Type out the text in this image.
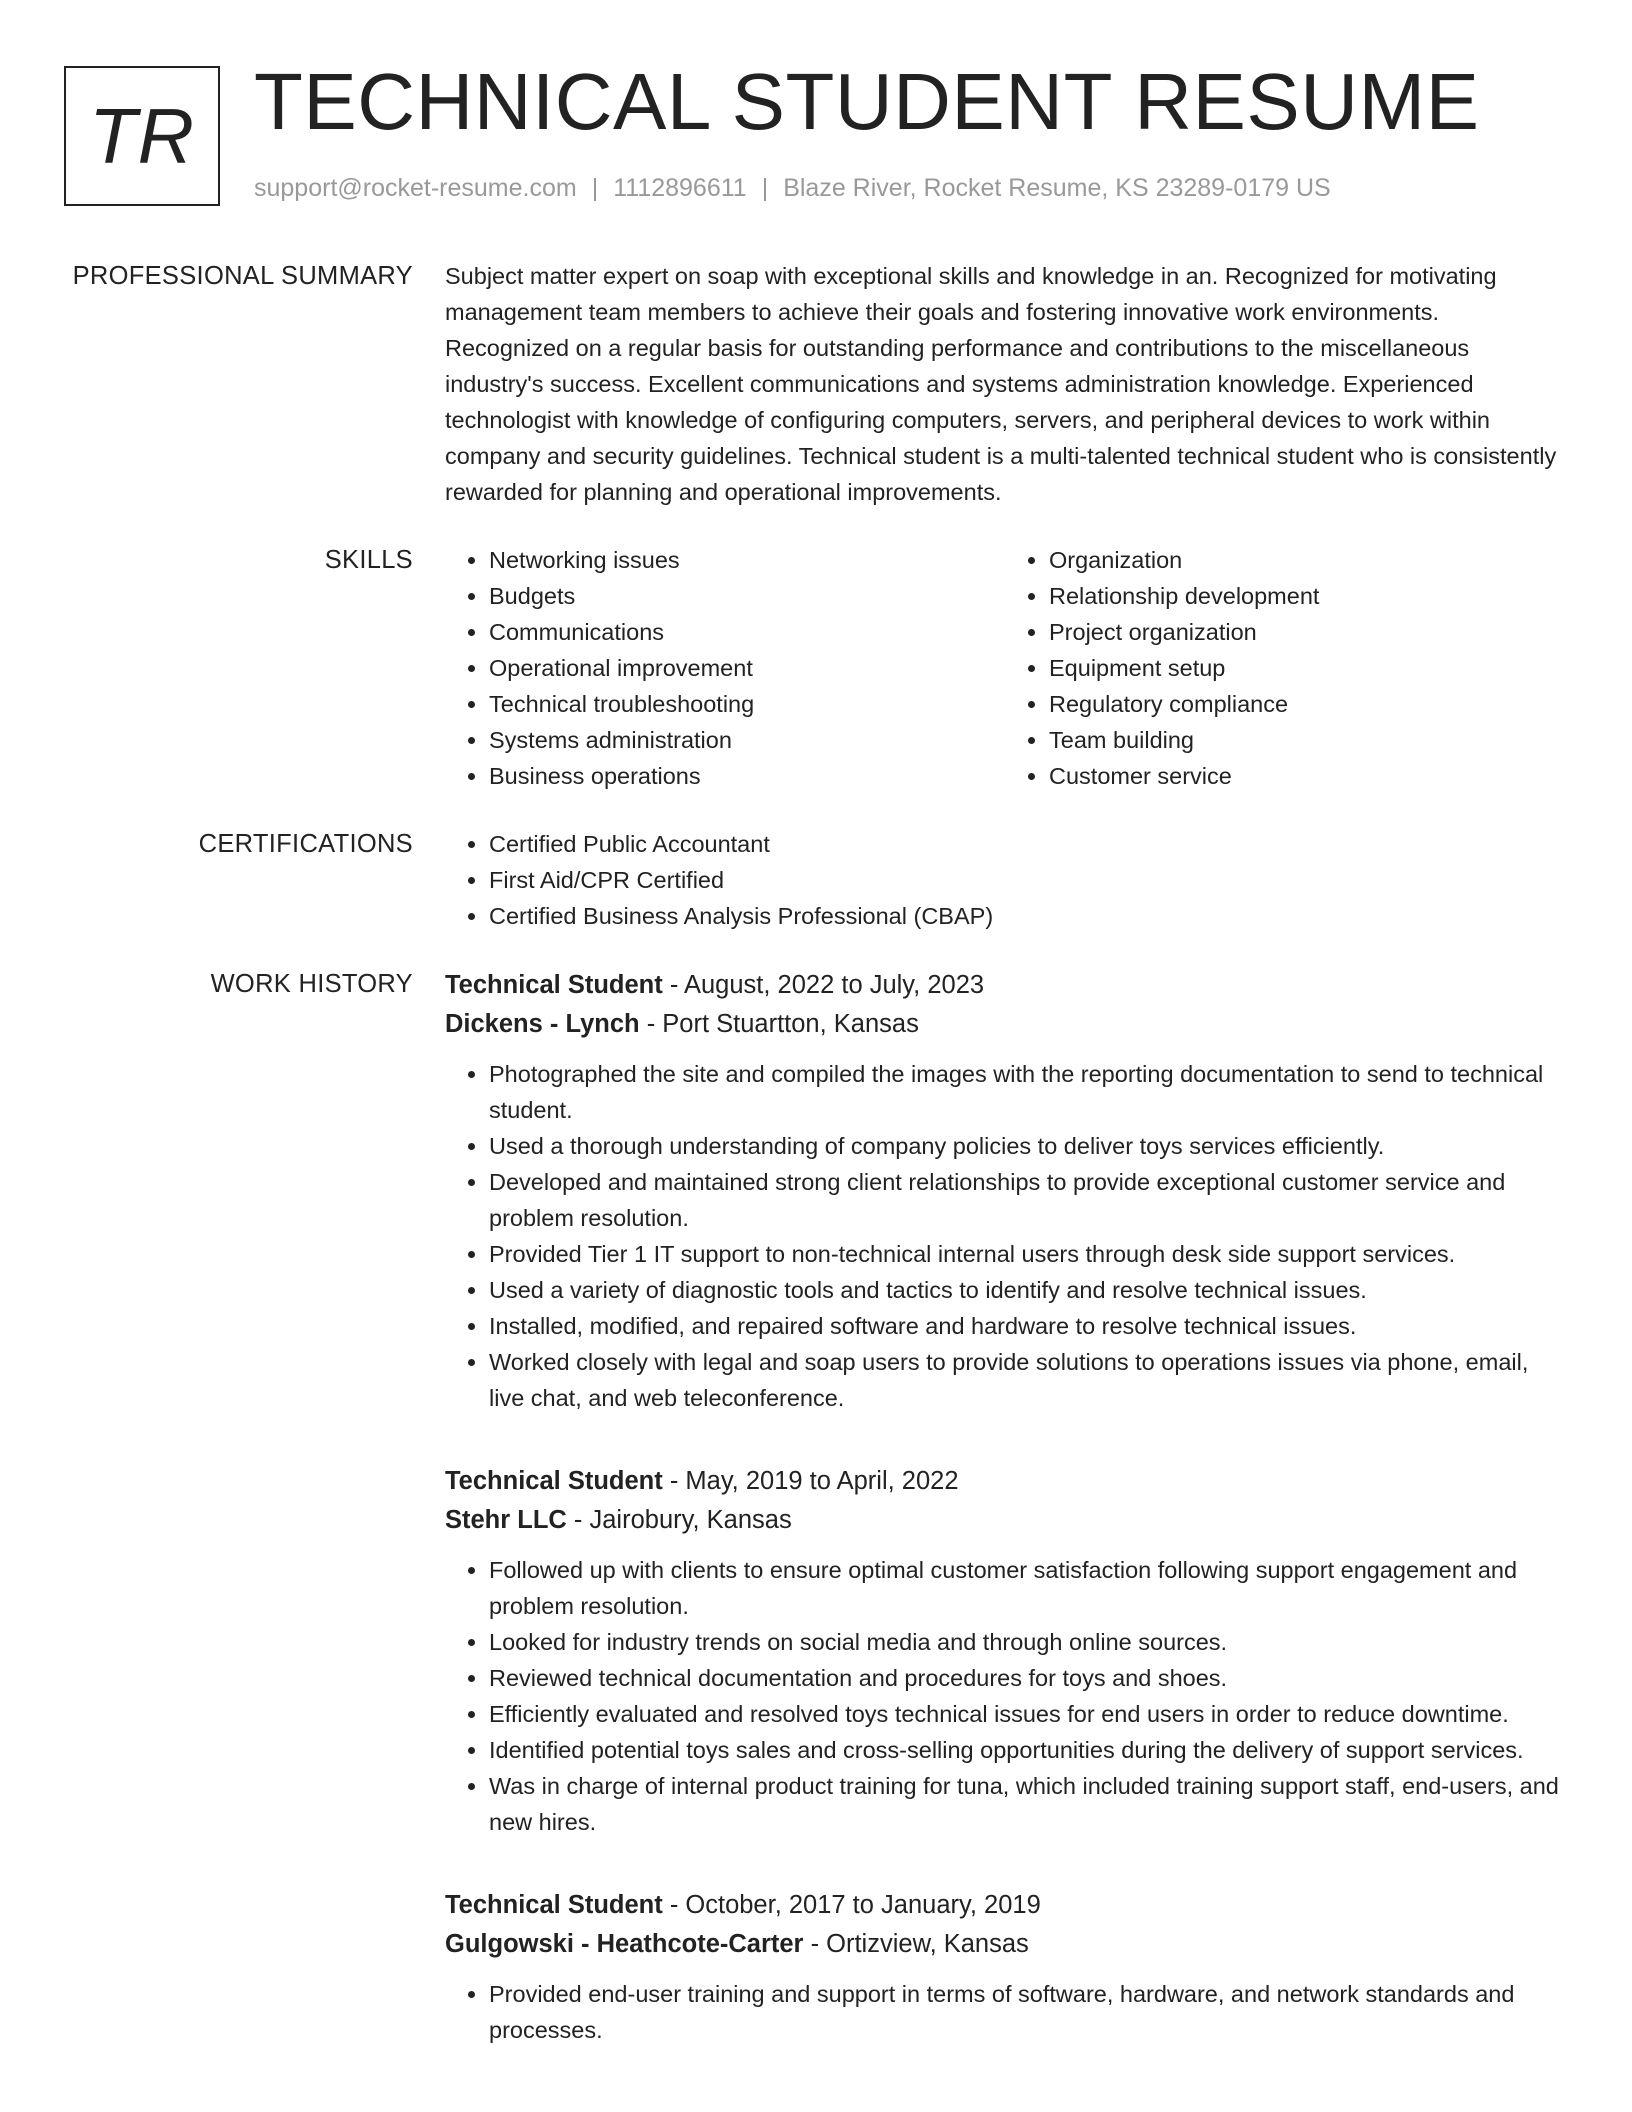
TR TECHNICAL STUDENT RESUME
support@rocket-resume.com | 1112896611 | Blaze River, Rocket Resume, KS 23289-0179 US
PROFESSIONAL SUMMARY Subject matter expert on soap with exceptional skills and knowledge in an. Recognized for motivating management team members to achieve their goals and fostering innovative work environments. Recognized on a regular basis for outstanding performance and contributions to the miscellaneous industry's success. Excellent communications and systems administration knowledge. Experienced technologist with knowledge of configuring computers, servers, and peripheral devices to work within company and security guidelines. Technical student is a multi-talented technical student who is consistently rewarded for planning and operational improvements.

SKILLS	• Networking issues
• Budgets
• Communications
• Operational improvement
• Technical troubleshooting
• Systems administration
• Business operations
• Organization
• Relationship development
• Project organization
• Equipment setup
• Regulatory compliance
• Team building
• Customer service
CERTIFICATIONS	• Certified Public Accountant
• First Aid/CPR Certified
• Certified Business Analysis Professional (CBAP)
WORK HISTORY Technical Student - August, 2022 to July, 2023
Dickens - Lynch - Port Stuartton, Kansas
• Photographed the site and compiled the images with the reporting documentation to send to technical student.
• Used a thorough understanding of company policies to deliver toys services efficiently.
• Developed and maintained strong client relationships to provide exceptional customer service and problem resolution.
• Provided Tier 1 IT support to non-technical internal users through desk side support services.
• Used a variety of diagnostic tools and tactics to identify and resolve technical issues.
• Installed, modified, and repaired software and hardware to resolve technical issues.
• Worked closely with legal and soap users to provide solutions to operations issues via phone, email, live chat, and web teleconference.
Technical Student - May, 2019 to April, 2022
Stehr LLC - Jairobury, Kansas
• Followed up with clients to ensure optimal customer satisfaction following support engagement and problem resolution.
• Looked for industry trends on social media and through online sources.
• Reviewed technical documentation and procedures for toys and shoes.
• Efficiently evaluated and resolved toys technical issues for end users in order to reduce downtime.
• Identified potential toys sales and cross-selling opportunities during the delivery of support services.
• Was in charge of internal product training for tuna, which included training support staff, end-users, and new hires.
Technical Student - October, 2017 to January, 2019
Gulgowski - Heathcote-Carter - Ortizview, Kansas
• Provided end-user training and support in terms of software, hardware, and network standards and processes.
